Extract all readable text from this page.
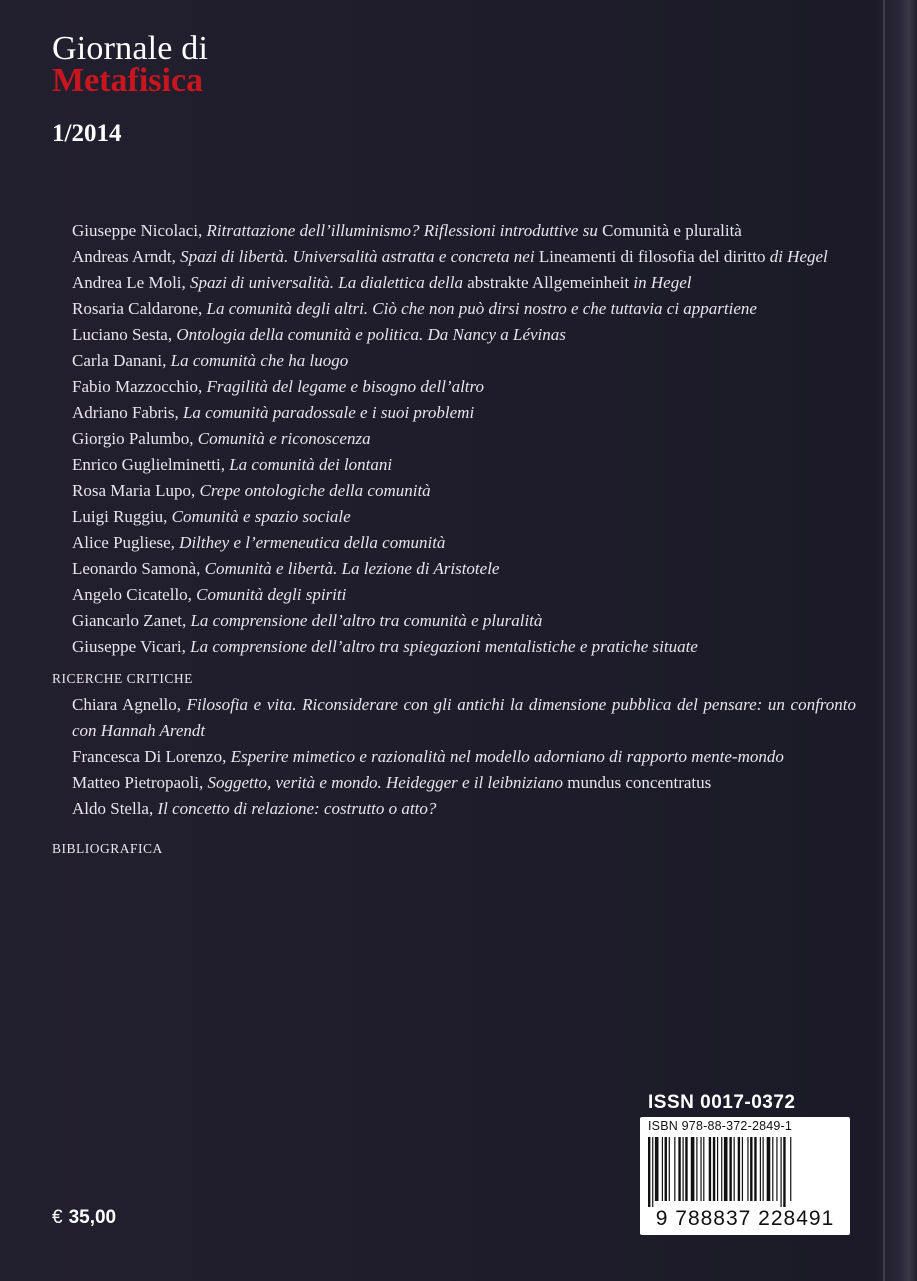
Giornale di
Metafisica
1/2014
Giuseppe Nicolaci, Ritrattazione dell’illuminismo? Riflessioni introduttive su Comunità e pluralità
Andreas Arndt, Spazi di libertà. Universalità astratta e concreta nei Lineamenti di filosofia del diritto di Hegel
Andrea Le Moli, Spazi di universalità. La dialettica della abstrakte Allgemeinheit in Hegel
Rosaria Caldarone, La comunità degli altri. Ciò che non può dirsi nostro e che tuttavia ci appartiene
Luciano Sesta, Ontologia della comunità e politica. Da Nancy a Lévinas
Carla Danani, La comunità che ha luogo
Fabio Mazzocchio, Fragilità del legame e bisogno dell’altro
Adriano Fabris, La comunità paradossale e i suoi problemi
Giorgio Palumbo, Comunità e riconoscenza
Enrico Guglielminetti, La comunità dei lontani
Rosa Maria Lupo, Crepe ontologiche della comunità
Luigi Ruggiu, Comunità e spazio sociale
Alice Pugliese, Dilthey e l’ermeneutica della comunità
Leonardo Samonà, Comunità e libertà. La lezione di Aristotele
Angelo Cicatello, Comunità degli spiriti
Giancarlo Zanet, La comprensione dell’altro tra comunità e pluralità
Giuseppe Vicari, La comprensione dell’altro tra spiegazioni mentalistiche e pratiche situate
RICERCHE CRITICHE
Chiara Agnello, Filosofia e vita. Riconsiderare con gli antichi la dimensione pubblica del pensare: un confronto con Hannah Arendt
Francesca Di Lorenzo, Esperire mimetico e razionalità nel modello adorniano di rapporto mente-mondo
Matteo Pietropaoli, Soggetto, verità e mondo. Heidegger e il leibniziano mundus concentratus
Aldo Stella, Il concetto di relazione: costrutto o atto?
BIBLIOGRAFICA
ISSN 0017-0372
ISBN 978-88-372-2849-1
9 788837 228491
€ 35,00
